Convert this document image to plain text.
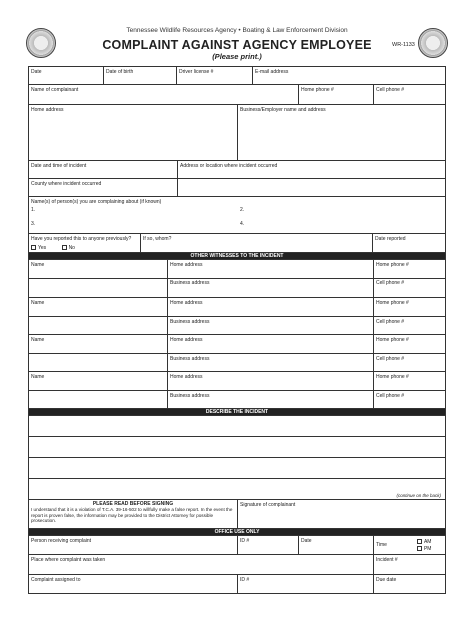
Tennessee Wildlife Resources Agency • Boating & Law Enforcement Division
COMPLAINT AGAINST AGENCY EMPLOYEE
(Please print.)
WR-1133
Date	Date of birth	Driver license #	E-mail address
Name of complainant	Home phone #	Cell phone #
Home address	Business/Employer name and address
Date and time of incident	Address or location where incident occurred
County where incident occurred
Name(s) of person(s) you are complaining about (if known)
1.	2.
3.	4.
Have you reported this to anyone previously?
Yes	No
If so, whom?	Date reported
OTHER WITNESSES TO THE INCIDENT
Name	Home address	Home phone #
Business address	Cell phone #
Name	Home address	Home phone #
Business address	Cell phone #
Name	Home address	Home phone #
Business address	Cell phone #
Name	Home address	Home phone #
Business address	Cell phone #
DESCRIBE THE INCIDENT
(continue on the back)
PLEASE READ BEFORE SIGNING
I understand that it is a violation of T.C.A. 39-16-502 to willfully make a false report. In the event the report is proven false, the information may be provided to the District Attorney for possible prosecution.
Signature of complainant
OFFICE USE ONLY
Person receiving complaint	ID #	Date
Time
AM
PM
Place where complaint was taken	Incident #
Complaint assigned to	ID #	Due date
